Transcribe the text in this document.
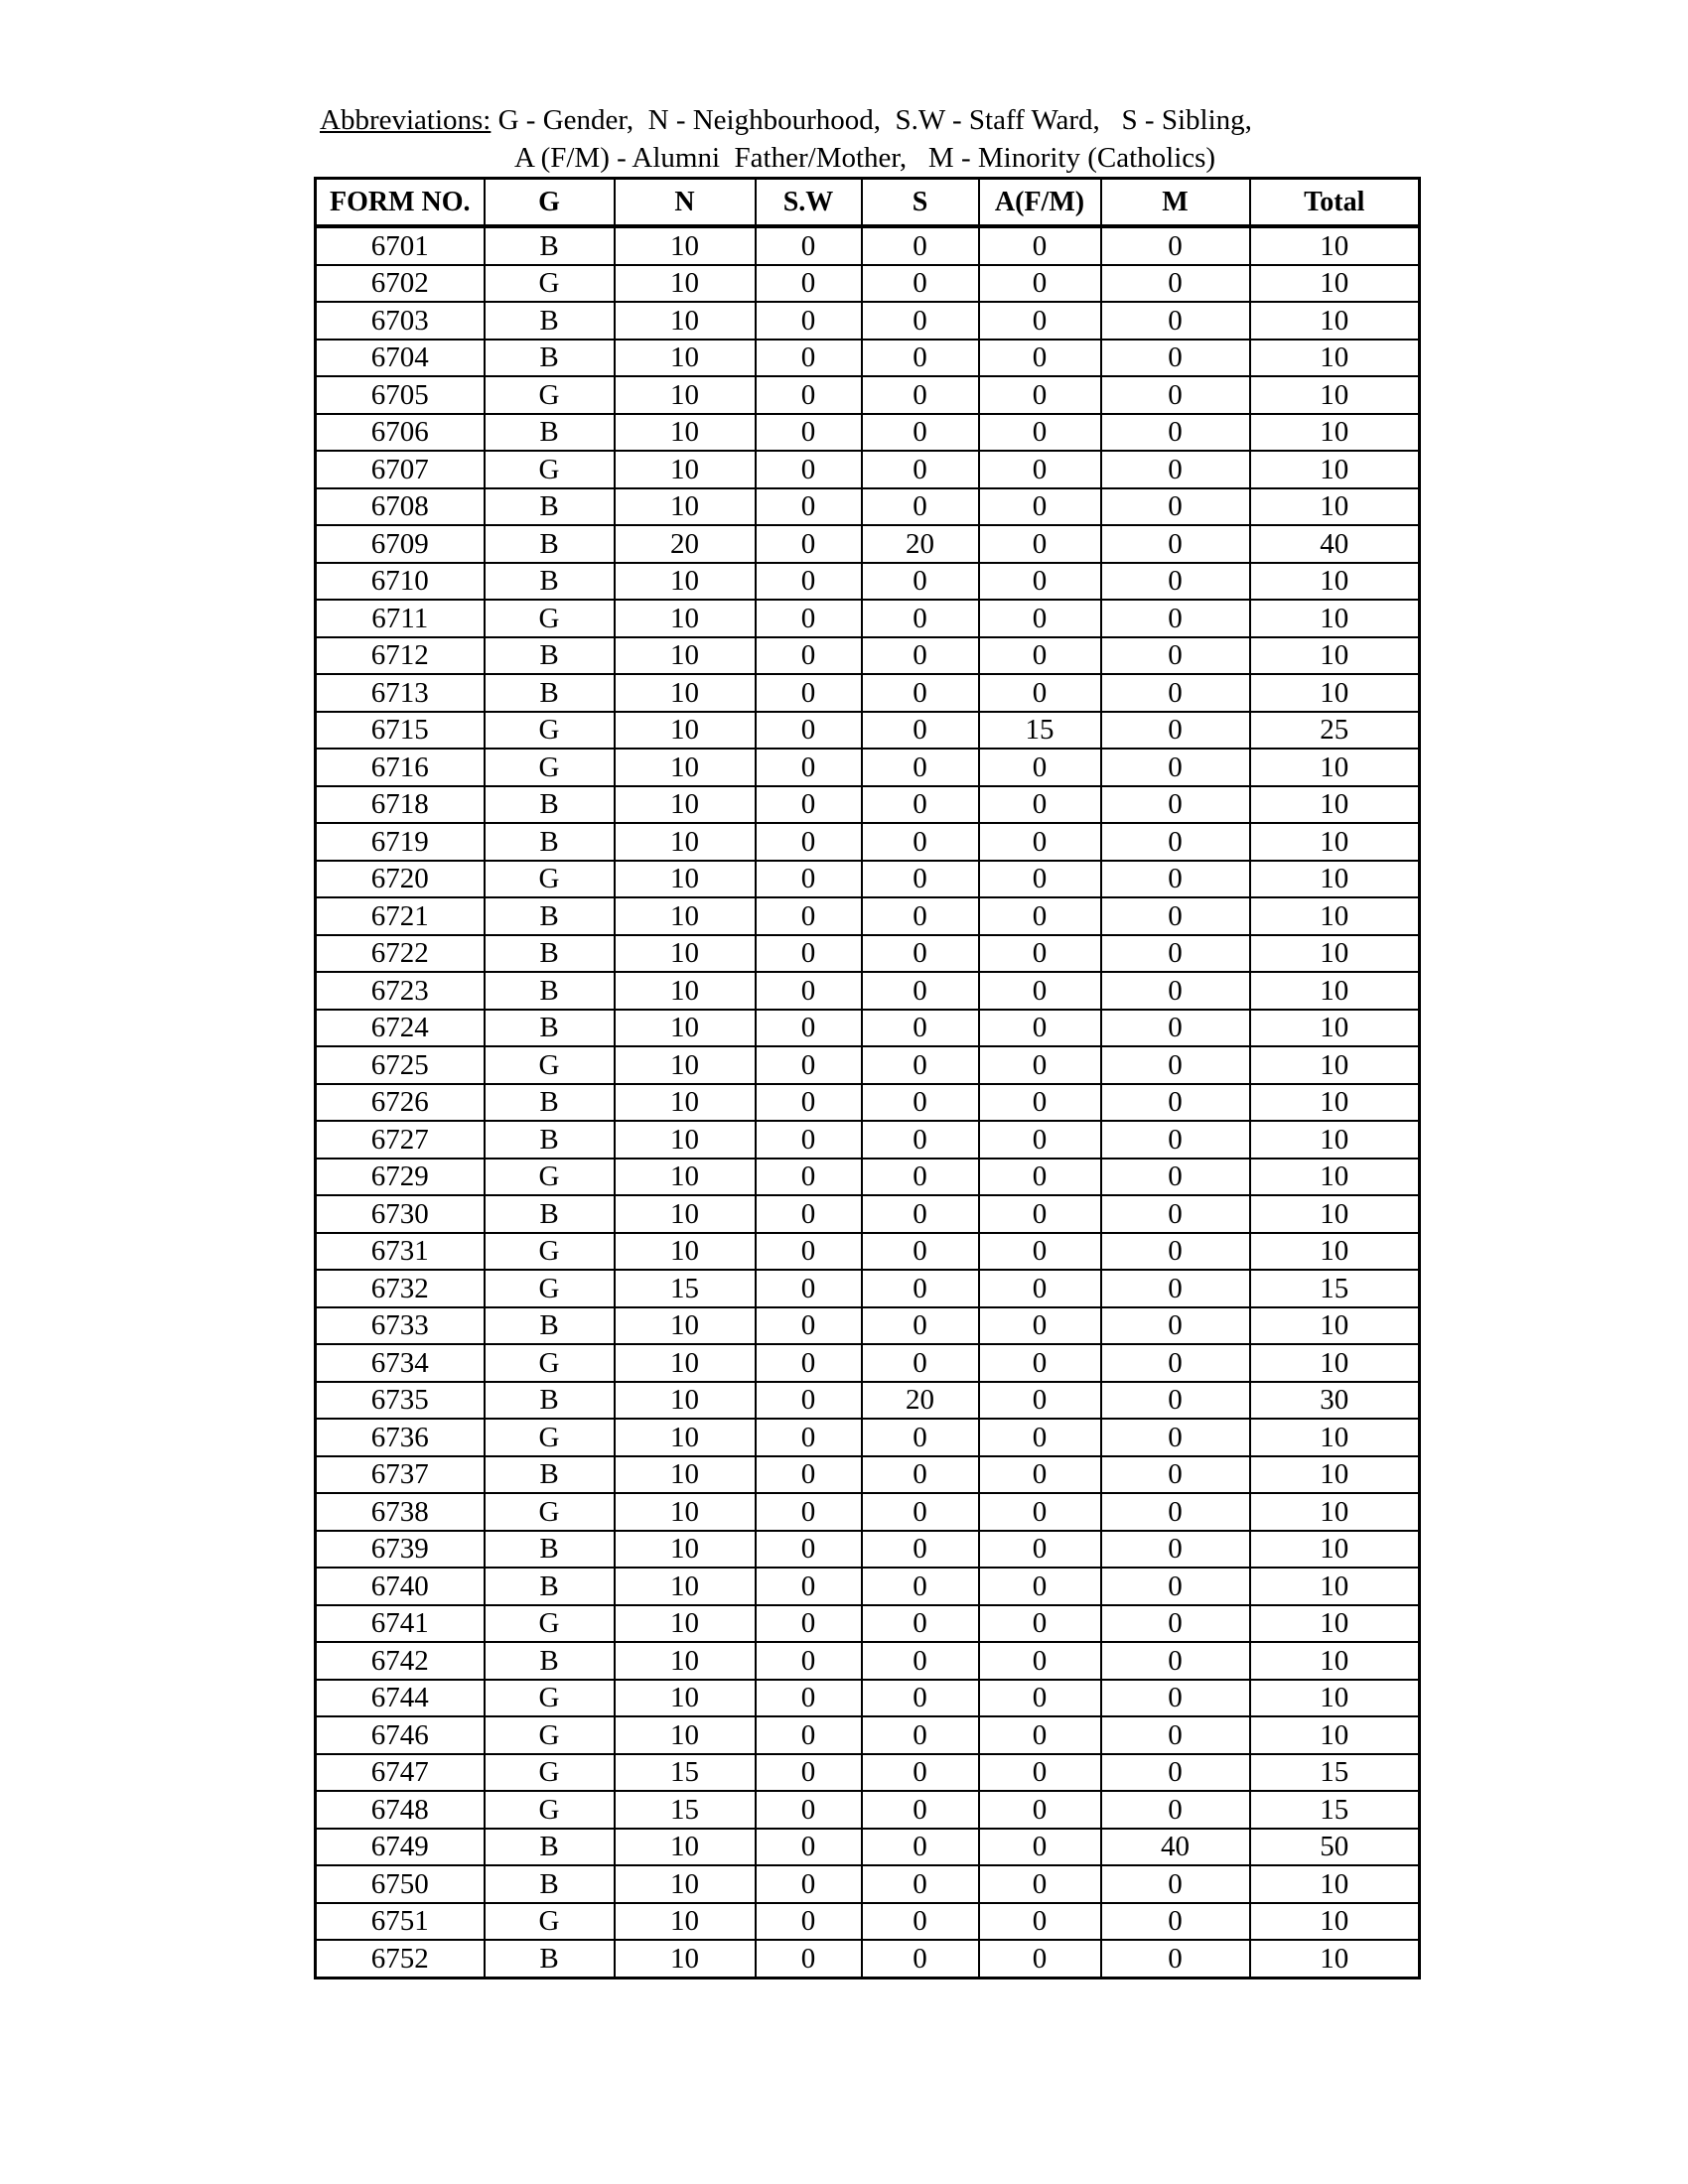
Abbreviations: G - Gender,  N - Neighbourhood,  S.W - Staff Ward,   S - Sibling,
A (F/M) - Alumni  Father/Mother,   M - Minority (Catholics)
FORM NO.	G	N	S.W	S	A(F/M)	M	Total
6701	B	10	0	0	0	0	10
6702	G	10	0	0	0	0	10
6703	B	10	0	0	0	0	10
6704	B	10	0	0	0	0	10
6705	G	10	0	0	0	0	10
6706	B	10	0	0	0	0	10
6707	G	10	0	0	0	0	10
6708	B	10	0	0	0	0	10
6709	B	20	0	20	0	0	40
6710	B	10	0	0	0	0	10
6711	G	10	0	0	0	0	10
6712	B	10	0	0	0	0	10
6713	B	10	0	0	0	0	10
6715	G	10	0	0	15	0	25
6716	G	10	0	0	0	0	10
6718	B	10	0	0	0	0	10
6719	B	10	0	0	0	0	10
6720	G	10	0	0	0	0	10
6721	B	10	0	0	0	0	10
6722	B	10	0	0	0	0	10
6723	B	10	0	0	0	0	10
6724	B	10	0	0	0	0	10
6725	G	10	0	0	0	0	10
6726	B	10	0	0	0	0	10
6727	B	10	0	0	0	0	10
6729	G	10	0	0	0	0	10
6730	B	10	0	0	0	0	10
6731	G	10	0	0	0	0	10
6732	G	15	0	0	0	0	15
6733	B	10	0	0	0	0	10
6734	G	10	0	0	0	0	10
6735	B	10	0	20	0	0	30
6736	G	10	0	0	0	0	10
6737	B	10	0	0	0	0	10
6738	G	10	0	0	0	0	10
6739	B	10	0	0	0	0	10
6740	B	10	0	0	0	0	10
6741	G	10	0	0	0	0	10
6742	B	10	0	0	0	0	10
6744	G	10	0	0	0	0	10
6746	G	10	0	0	0	0	10
6747	G	15	0	0	0	0	15
6748	G	15	0	0	0	0	15
6749	B	10	0	0	0	40	50
6750	B	10	0	0	0	0	10
6751	G	10	0	0	0	0	10
6752	B	10	0	0	0	0	10
